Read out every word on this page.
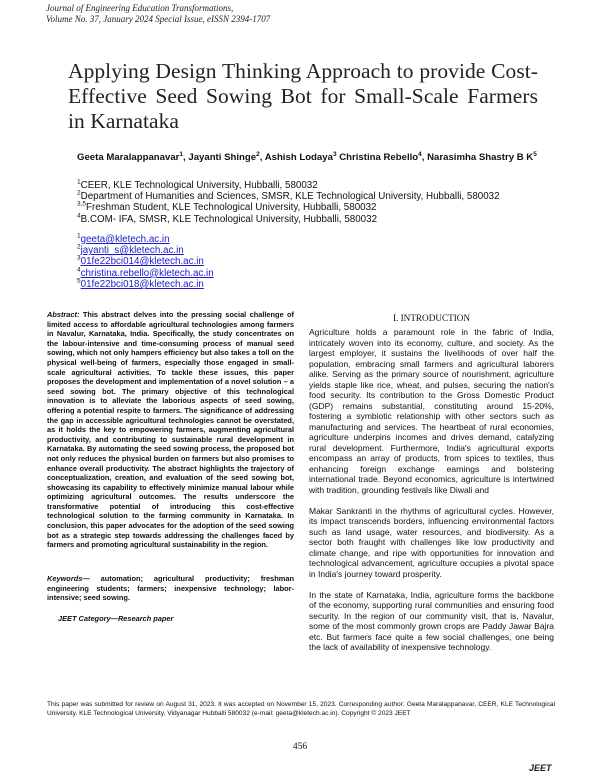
Journal of Engineering Education Transformations,
Volume No. 37, January 2024 Special Issue, eISSN 2394-1707
Applying Design Thinking Approach to provide Cost-Effective Seed Sowing Bot for Small-Scale Farmers in Karnataka
Geeta Maralappanavar$^1$, Jayanti Shinge$^2$, Ashish Lodaya$^3$ Christina Rebello$^4$, Narasimha Shastry B $K^5$
$^1$CEER, KLE Technological University, Hubballi, 580032
$^2$Department of Humanities and Sciences, SMSR, KLE Technological University, Hubballi, 580032
$^{3,5}$Freshman Student, KLE Technological University, Hubballi, 580032
$^4$B.COM- IFA, SMSR, KLE Technological University, Hubballi, 580032
$^1$geeta@kletech.ac.in
$^2$jayanti_s@kletech.ac.in
$^3$01fe22bci014@kletech.ac.in
$^4$christina.rebello@kletech.ac.in
$^5$01fe22bci018@kletech.ac.in
Abstract: This abstract delves into the pressing social challenge of limited access to affordable agricultural technologies among farmers in Navalur, Karnataka, India. Specifically, the study concentrates on the labour-intensive and time-consuming process of manual seed sowing, which not only hampers efficiency but also takes a toll on the physical well-being of farmers, especially those engaged in small-scale agricultural activities. To tackle these issues, this paper proposes the development and implementation of a novel solution – a seed sowing bot. The primary objective of this technological innovation is to alleviate the laborious aspects of seed sowing, offering a potential respite to farmers. The significance of addressing the gap in accessible agricultural technologies cannot be overstated, as it holds the key to empowering farmers, augmenting agricultural productivity, and contributing to sustainable rural development in Karnataka. By automating the seed sowing process, the proposed bot not only reduces the physical burden on farmers but also promises to enhance overall productivity. The abstract highlights the trajectory of conceptualization, creation, and evaluation of the seed sowing bot, showcasing its capability to effectively minimize manual labour while optimizing agricultural outcomes. The results underscore the transformative potential of introducing this cost-effective technological solution to the farming community in Karnataka. In conclusion, this paper advocates for the adoption of the seed sowing bot as a strategic step towards addressing the challenges faced by farmers and promoting agricultural sustainability in the region.
Keywords— automation; agricultural productivity; freshman engineering students; farmers; inexpensive technology; labor-intensive; seed sowing.
JEET Category—Research paper
I. INTRODUCTION

Agriculture holds a paramount role in the fabric of India, intricately woven into its economy, culture, and society. As the largest employer, it sustains the livelihoods of over half the population, embracing small farmers and agricultural laborers alike. Serving as the primary source of nourishment, agriculture yields staple like rice, wheat, and pulses, securing the nation's food security. Its contribution to the Gross Domestic Product (GDP) remains substantial, constituting around 15-20%, fostering a symbiotic relationship with other sectors such as manufacturing and services. The heartbeat of rural economies, agriculture underpins incomes and drives demand, catalyzing rural development. Furthermore, India's agricultural exports encompass an array of products, from spices to textiles, thus enhancing foreign exchange earnings and bolstering international trade. Beyond economics, agriculture is intertwined with tradition, grounding festivals like Diwali and

Makar Sankranti in the rhythms of agricultural cycles. However, its impact transcends borders, influencing environmental factors such as land usage, water resources, and biodiversity. As a sector both fraught with challenges like low productivity and climate change, and ripe with opportunities for innovation and technological advancement, agriculture occupies a pivotal space in India's journey toward prosperity.

In the state of Karnataka, India, agriculture forms the backbone of the economy, supporting rural communities and ensuring food security. In the region of our community visit, that is, Navalur, some of the most commonly grown crops are Paddy Jawar Bajra etc. But farmers face quite a few social challenges, one being the lack of availability of inexpensive technology.

This paper was submitted for review on August 31, 2023. It was accepted on November 15, 2023. Corresponding author: Geeta Maralappanavar, CEER, KLE Technological University. KLE Technological University, Vidyanagar Hubballi 580032 (e-mail: geeta@kletech.ac.in). Copyright © 2023 JEET
456
JEET
